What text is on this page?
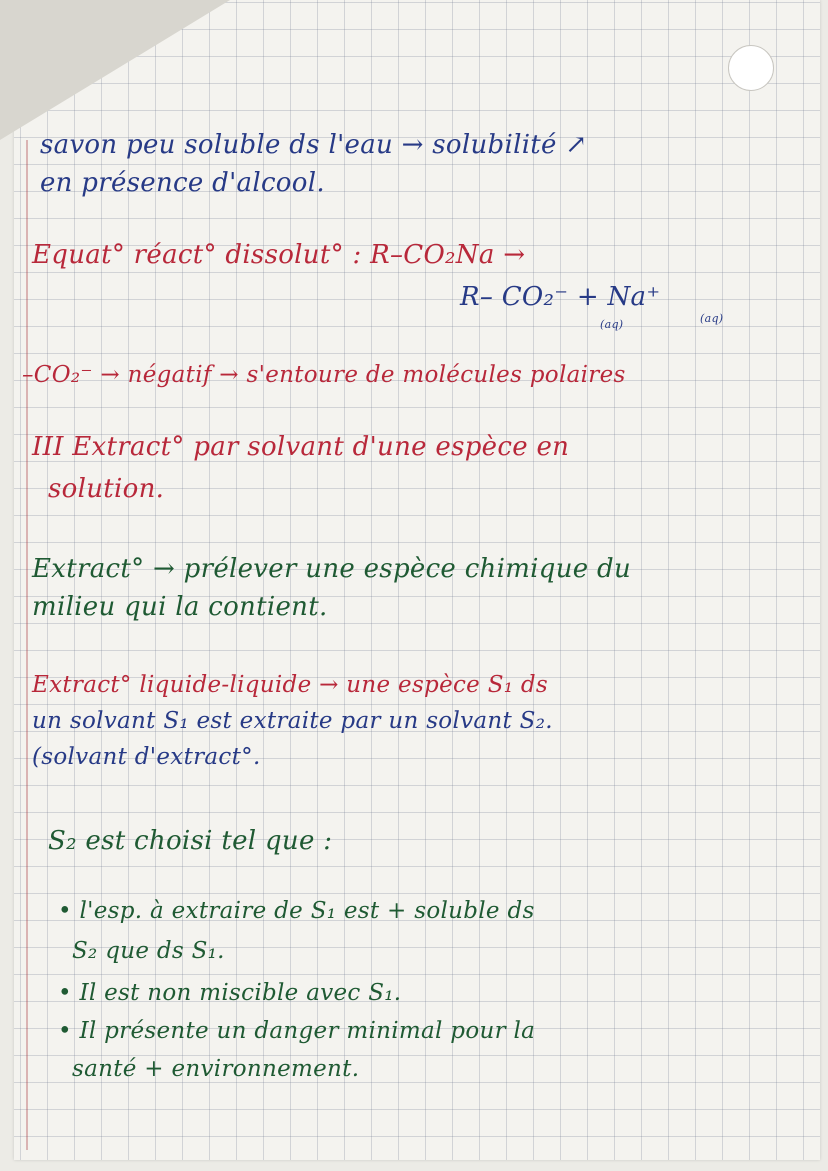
$
savon peu soluble ds l'eau → solubilité ↗
en présence d'alcool.
Equat° réact° dissolut° : R–CO₂Na →
R– CO₂⁻ + Na⁺
(aq)	(aq)
–CO₂⁻ → négatif → s'entoure de molécules polaires
III Extract° par solvant d'une espèce en
solution.
Extract° → prélever une espèce chimique du
milieu qui la contient.
Extract° liquide-liquide → une espèce S₁ ds
un solvant S₁ est extraite par un solvant S₂.
(solvant d'extract°.
S₂ est choisi tel que :
• l'esp. à extraire de S₁ est + soluble ds
S₂ que ds S₁.
• Il est non miscible avec S₁.
• Il présente un danger minimal pour la
santé + environnement.
